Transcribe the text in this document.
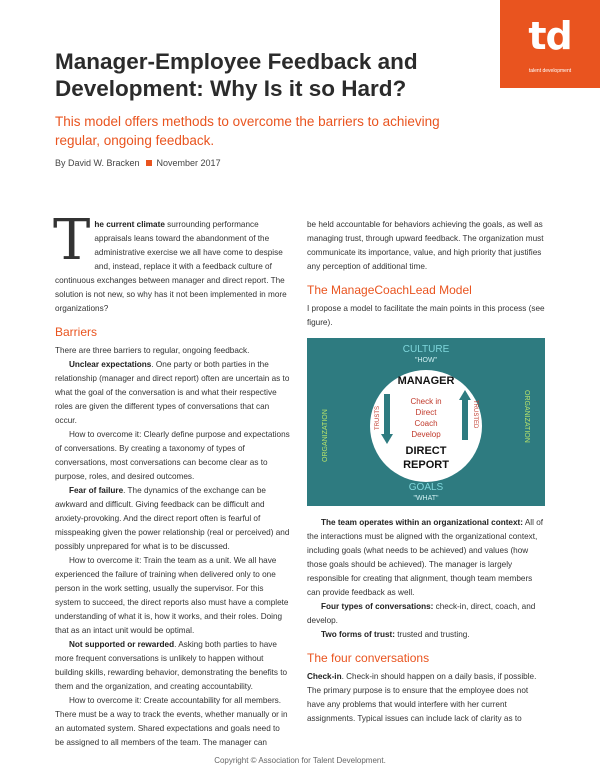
td
talent development
Manager-Employee Feedback and Development: Why Is it so Hard?

This model offers methods to overcome the barriers to achieving regular, ongoing feedback.

By David W. Bracken November 2017

The current climate surrounding performance appraisals leans toward the abandonment of the administrative exercise we all have come to despise and, instead, replace it with a feedback culture of continuous exchanges between manager and direct report. The solution is not new, so why has it not been implemented in more organizations?

Barriers

There are three barriers to regular, ongoing feedback.

Unclear expectations. One party or both parties in the relationship (manager and direct report) often are uncertain as to what the goal of the conversation is and what their respective roles are given the different types of conversations that can occur.

How to overcome it: Clearly define purpose and expectations of conversations. By creating a taxonomy of types of conversations, most conversations can become clear as to purpose, roles, and desired outcomes.

Fear of failure. The dynamics of the exchange can be awkward and difficult. Giving feedback can be difficult and anxiety-provoking. And the direct report often is fearful of misspeaking given the power relationship (real or perceived) and possibly unprepared for what is to be discussed.

How to overcome it: Train the team as a unit. We all have experienced the failure of training when delivered only to one person in the work setting, usually the supervisor. For this system to succeed, the direct reports also must have a complete understanding of what it is, how it works, and their roles. Doing that as an intact unit would be optimal.

Not supported or rewarded. Asking both parties to have more frequent conversations is unlikely to happen without building skills, rewarding behavior, demonstrating the benefits to them and the organization, and creating accountability.

How to overcome it: Create accountability for all members. There must be a way to track the events, whether manually or in an automated system. Shared expectations and goals need to be assigned to all members of the team. The manager can

be held accountable for behaviors achieving the goals, as well as managing trust, through upward feedback. The organization must communicate its importance, value, and high priority that justifies any perception of additional time.

The ManageCoachLead Model

I propose a model to facilitate the main points in this process (see figure).

CULTURE
"HOW"
MANAGER
TRUSTS	TRUSTED
Check in
Direct
Coach
Develop
DIRECT
REPORT
GOALS
"WHAT"
ORGANIZATION	ORGANIZATION

The team operates within an organizational context: All of the interactions must be aligned with the organizational context, including goals (what needs to be achieved) and values (how those goals should be achieved). The manager is largely responsible for creating that alignment, though team members can provide feedback as well.

Four types of conversations: check-in, direct, coach, and develop.

Two forms of trust: trusted and trusting.

The four conversations

Check-in. Check-in should happen on a daily basis, if possible. The primary purpose is to ensure that the employee does not have any problems that would interfere with her current assignments. Typical issues can include lack of clarity as to

Copyright © Association for Talent Development.
